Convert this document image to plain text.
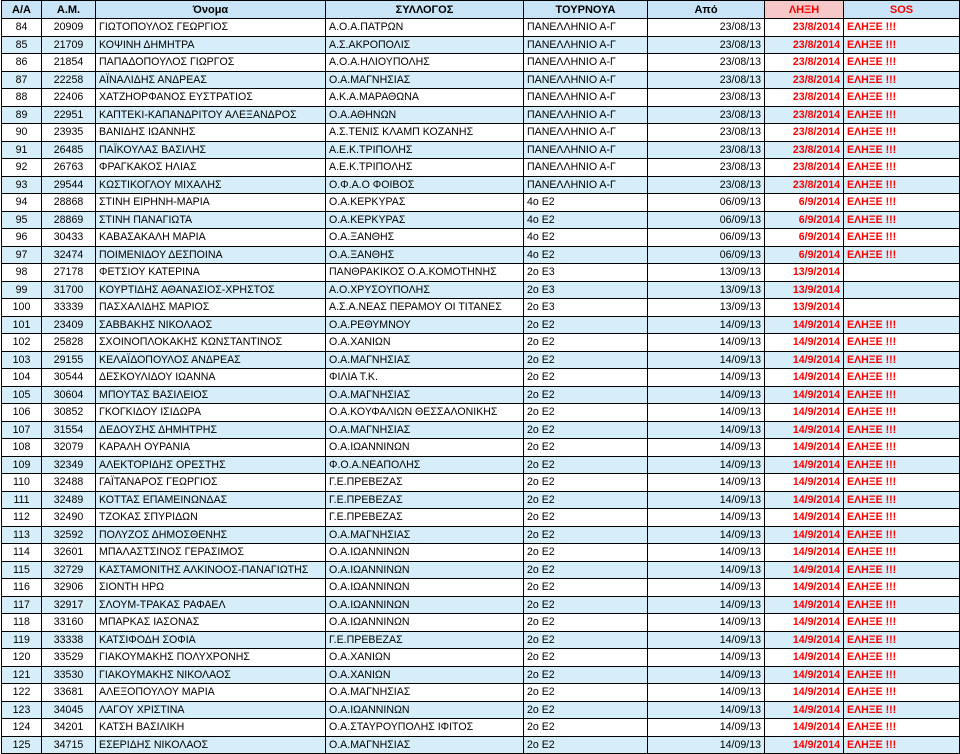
Α/Α	Α.Μ.	Όνομα	ΣΥΛΛΟΓΟΣ	ΤΟΥΡΝΟΥΑ	Από	ΛΗΞΗ	SOS
84	20909	ΓΙΩΤΟΠΟΥΛΟΣ ΓΕΩΡΓΙΟΣ	Α.Ο.Α.ΠΑΤΡΩΝ	ΠΑΝΕΛΛΗΝΙΟ Α-Γ	23/08/13	23/8/2014	ΕΛΗΞΕ !!!
85	21709	ΚΟΨΙΝΗ ΔΗΜΗΤΡΑ	Α.Σ.ΑΚΡΟΠΟΛΙΣ	ΠΑΝΕΛΛΗΝΙΟ Α-Γ	23/08/13	23/8/2014	ΕΛΗΞΕ !!!
86	21854	ΠΑΠΑΔΟΠΟΥΛΟΣ ΓΙΩΡΓΟΣ	Α.Ο.Α.ΗΛΙΟΥΠΟΛΗΣ	ΠΑΝΕΛΛΗΝΙΟ Α-Γ	23/08/13	23/8/2014	ΕΛΗΞΕ !!!
87	22258	ΑΪΝΑΛΙΔΗΣ ΑΝΔΡΕΑΣ	Ο.Α.ΜΑΓΝΗΣΙΑΣ	ΠΑΝΕΛΛΗΝΙΟ Α-Γ	23/08/13	23/8/2014	ΕΛΗΞΕ !!!
88	22406	ΧΑΤΖΗΟΡΦΑΝΟΣ ΕΥΣΤΡΑΤΙΟΣ	Α.Κ.Α.ΜΑΡΑΘΩΝΑ	ΠΑΝΕΛΛΗΝΙΟ Α-Γ	23/08/13	23/8/2014	ΕΛΗΞΕ !!!
89	22951	ΚΑΠΤΕΚΙ-ΚΑΠΑΝΔΡΙΤΟΥ ΑΛΕΞΑΝΔΡΟΣ	Ο.Α.ΑΘΗΝΩΝ	ΠΑΝΕΛΛΗΝΙΟ Α-Γ	23/08/13	23/8/2014	ΕΛΗΞΕ !!!
90	23935	ΒΑΝΙΔΗΣ ΙΩΑΝΝΗΣ	Α.Σ.ΤΕΝΙΣ ΚΛΑΜΠ ΚΟΖΑΝΗΣ	ΠΑΝΕΛΛΗΝΙΟ Α-Γ	23/08/13	23/8/2014	ΕΛΗΞΕ !!!
91	26485	ΠΑΪΚΟΥΛΑΣ ΒΑΣΙΛΗΣ	Α.Ε.Κ.ΤΡΙΠΟΛΗΣ	ΠΑΝΕΛΛΗΝΙΟ Α-Γ	23/08/13	23/8/2014	ΕΛΗΞΕ !!!
92	26763	ΦΡΑΓΚΑΚΟΣ ΗΛΙΑΣ	Α.Ε.Κ.ΤΡΙΠΟΛΗΣ	ΠΑΝΕΛΛΗΝΙΟ Α-Γ	23/08/13	23/8/2014	ΕΛΗΞΕ !!!
93	29544	ΚΩΣΤΙΚΟΓΛΟΥ ΜΙΧΑΛΗΣ	Ο.Φ.Α.Ο ΦΟΙΒΟΣ	ΠΑΝΕΛΛΗΝΙΟ Α-Γ	23/08/13	23/8/2014	ΕΛΗΞΕ !!!
94	28868	ΣΤΙΝΗ ΕΙΡΗΝΗ-ΜΑΡΙΑ	Ο.Α.ΚΕΡΚΥΡΑΣ	4ο Ε2	06/09/13	6/9/2014	ΕΛΗΞΕ !!!
95	28869	ΣΤΙΝΗ ΠΑΝΑΓΙΩΤΑ	Ο.Α.ΚΕΡΚΥΡΑΣ	4ο Ε2	06/09/13	6/9/2014	ΕΛΗΞΕ !!!
96	30433	ΚΑΒΑΣΑΚΑΛΗ ΜΑΡΙΑ	Ο.Α.ΞΑΝΘΗΣ	4ο Ε2	06/09/13	6/9/2014	ΕΛΗΞΕ !!!
97	32474	ΠΟΙΜΕΝΙΔΟΥ ΔΕΣΠΟΙΝΑ	Ο.Α.ΞΑΝΘΗΣ	4ο Ε2	06/09/13	6/9/2014	ΕΛΗΞΕ !!!
98	27178	ΦΕΤΣΙΟΥ ΚΑΤΕΡΙΝΑ	ΠΑΝΘΡΑΚΙΚΟΣ Ο.Α.ΚΟΜΟΤΗΝΗΣ	2ο Ε3	13/09/13	13/9/2014	
99	31700	ΚΟΥΡΤΙΔΗΣ ΑΘΑΝΑΣΙΟΣ-ΧΡΗΣΤΟΣ	Α.Ο.ΧΡΥΣΟΥΠΟΛΗΣ	2ο Ε3	13/09/13	13/9/2014	
100	33339	ΠΑΣΧΑΛΙΔΗΣ ΜΑΡΙΟΣ	Α.Σ.Α.ΝΕΑΣ ΠΕΡΑΜΟΥ ΟΙ ΤΙΤΑΝΕΣ	2ο Ε3	13/09/13	13/9/2014	
101	23409	ΣΑΒΒΑΚΗΣ ΝΙΚΟΛΑΟΣ	Ο.Α.ΡΕΘΥΜΝΟΥ	2ο Ε2	14/09/13	14/9/2014	ΕΛΗΞΕ !!!
102	25828	ΣΧΟΙΝΟΠΛΟΚΑΚΗΣ ΚΩΝΣΤΑΝΤΙΝΟΣ	Ο.Α.ΧΑΝΙΩΝ	2ο Ε2	14/09/13	14/9/2014	ΕΛΗΞΕ !!!
103	29155	ΚΕΛΑΪΔΟΠΟΥΛΟΣ ΑΝΔΡΕΑΣ	Ο.Α.ΜΑΓΝΗΣΙΑΣ	2ο Ε2	14/09/13	14/9/2014	ΕΛΗΞΕ !!!
104	30544	ΔΕΣΚΟΥΛΙΔΟΥ ΙΩΑΝΝΑ	ΦΙΛΙΑ Τ.Κ.	2ο Ε2	14/09/13	14/9/2014	ΕΛΗΞΕ !!!
105	30604	ΜΠΟΥΤΑΣ ΒΑΣΙΛΕΙΟΣ	Ο.Α.ΜΑΓΝΗΣΙΑΣ	2ο Ε2	14/09/13	14/9/2014	ΕΛΗΞΕ !!!
106	30852	ΓΚΟΓΚΙΔΟΥ ΙΣΙΔΩΡΑ	Ο.Α.ΚΟΥΦΑΛΙΩΝ ΘΕΣΣΑΛΟΝΙΚΗΣ	2ο Ε2	14/09/13	14/9/2014	ΕΛΗΞΕ !!!
107	31554	ΔΕΔΟΥΣΗΣ ΔΗΜΗΤΡΗΣ	Ο.Α.ΜΑΓΝΗΣΙΑΣ	2ο Ε2	14/09/13	14/9/2014	ΕΛΗΞΕ !!!
108	32079	ΚΑΡΑΛΗ ΟΥΡΑΝΙΑ	Ο.Α.ΙΩΑΝΝΙΝΩΝ	2ο Ε2	14/09/13	14/9/2014	ΕΛΗΞΕ !!!
109	32349	ΑΛΕΚΤΟΡΙΔΗΣ ΟΡΕΣΤΗΣ	Φ.Ο.Α.ΝΕΑΠΟΛΗΣ	2ο Ε2	14/09/13	14/9/2014	ΕΛΗΞΕ !!!
110	32488	ΓΑΪΤΑΝΑΡΟΣ ΓΕΩΡΓΙΟΣ	Γ.Ε.ΠΡΕΒΕΖΑΣ	2ο Ε2	14/09/13	14/9/2014	ΕΛΗΞΕ !!!
111	32489	ΚΟΤΤΑΣ ΕΠΑΜΕΙΝΩΝΔΑΣ	Γ.Ε.ΠΡΕΒΕΖΑΣ	2ο Ε2	14/09/13	14/9/2014	ΕΛΗΞΕ !!!
112	32490	ΤΖΟΚΑΣ ΣΠΥΡΙΔΩΝ	Γ.Ε.ΠΡΕΒΕΖΑΣ	2ο Ε2	14/09/13	14/9/2014	ΕΛΗΞΕ !!!
113	32592	ΠΟΛΥΖΟΣ ΔΗΜΟΣΘΕΝΗΣ	Ο.Α.ΜΑΓΝΗΣΙΑΣ	2ο Ε2	14/09/13	14/9/2014	ΕΛΗΞΕ !!!
114	32601	ΜΠΑΛΑΣΤΣΙΝΟΣ ΓΕΡΑΣΙΜΟΣ	Ο.Α.ΙΩΑΝΝΙΝΩΝ	2ο Ε2	14/09/13	14/9/2014	ΕΛΗΞΕ !!!
115	32729	ΚΑΣΤΑΜΟΝΙΤΗΣ ΑΛΚΙΝΟΟΣ-ΠΑΝΑΓΙΩΤΗΣ	Ο.Α.ΙΩΑΝΝΙΝΩΝ	2ο Ε2	14/09/13	14/9/2014	ΕΛΗΞΕ !!!
116	32906	ΣΙΟΝΤΗ ΗΡΩ	Ο.Α.ΙΩΑΝΝΙΝΩΝ	2ο Ε2	14/09/13	14/9/2014	ΕΛΗΞΕ !!!
117	32917	ΣΛΟΥΜ-ΤΡΑΚΑΣ ΡΑΦΑΕΛ	Ο.Α.ΙΩΑΝΝΙΝΩΝ	2ο Ε2	14/09/13	14/9/2014	ΕΛΗΞΕ !!!
118	33160	ΜΠΑΡΚΑΣ ΙΑΣΟΝΑΣ	Ο.Α.ΙΩΑΝΝΙΝΩΝ	2ο Ε2	14/09/13	14/9/2014	ΕΛΗΞΕ !!!
119	33338	ΚΑΤΣΙΦΟΔΗ ΣΟΦΙΑ	Γ.Ε.ΠΡΕΒΕΖΑΣ	2ο Ε2	14/09/13	14/9/2014	ΕΛΗΞΕ !!!
120	33529	ΓΙΑΚΟΥΜΑΚΗΣ ΠΟΛΥΧΡΟΝΗΣ	Ο.Α.ΧΑΝΙΩΝ	2ο Ε2	14/09/13	14/9/2014	ΕΛΗΞΕ !!!
121	33530	ΓΙΑΚΟΥΜΑΚΗΣ ΝΙΚΟΛΑΟΣ	Ο.Α.ΧΑΝΙΩΝ	2ο Ε2	14/09/13	14/9/2014	ΕΛΗΞΕ !!!
122	33681	ΑΛΕΞΟΠΟΥΛΟΥ ΜΑΡΙΑ	Ο.Α.ΜΑΓΝΗΣΙΑΣ	2ο Ε2	14/09/13	14/9/2014	ΕΛΗΞΕ !!!
123	34045	ΛΑΓΟΥ ΧΡΙΣΤΙΝΑ	Ο.Α.ΙΩΑΝΝΙΝΩΝ	2ο Ε2	14/09/13	14/9/2014	ΕΛΗΞΕ !!!
124	34201	ΚΑΤΣΗ ΒΑΣΙΛΙΚΗ	Ο.Α.ΣΤΑΥΡΟΥΠΟΛΗΣ ΙΦΙΤΟΣ	2ο Ε2	14/09/13	14/9/2014	ΕΛΗΞΕ !!!
125	34715	ΕΣΕΡΙΔΗΣ ΝΙΚΟΛΑΟΣ	Ο.Α.ΜΑΓΝΗΣΙΑΣ	2ο Ε2	14/09/13	14/9/2014	ΕΛΗΞΕ !!!
